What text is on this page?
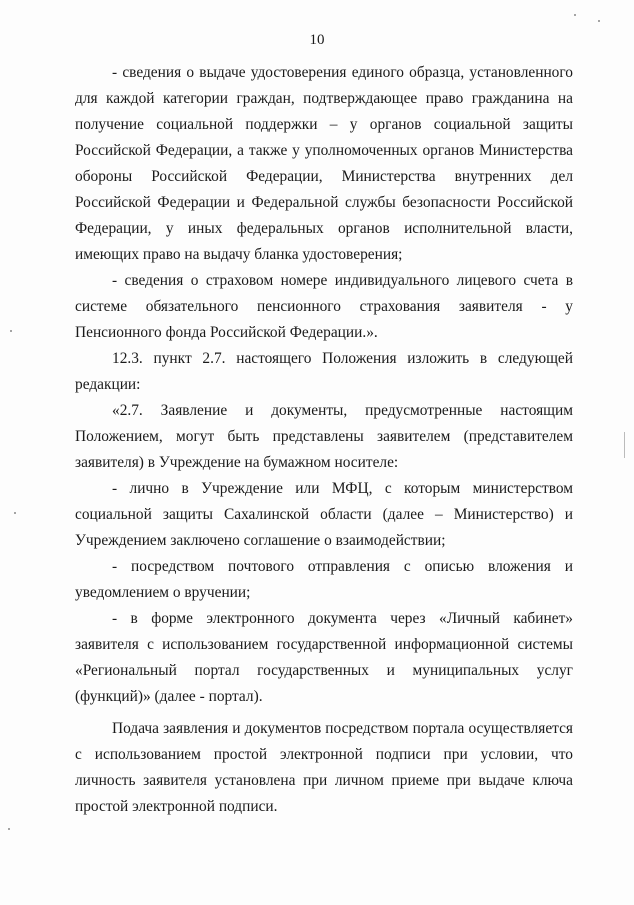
10

- сведения о выдаче удостоверения единого образца, установленного для каждой категории граждан, подтверждающее право гражданина на получение социальной поддержки – у органов социальной защиты Российской Федерации, а также у уполномоченных органов Министерства обороны Российской Федерации, Министерства внутренних дел Российской Федерации и Федеральной службы безопасности Российской Федерации, у иных федеральных органов исполнительной власти, имеющих право на выдачу бланка удостоверения;

- сведения о страховом номере индивидуального лицевого счета в системе обязательного пенсионного страхования заявителя - у Пенсионного фонда Российской Федерации.».

12.3. пункт 2.7. настоящего Положения изложить в следующей редакции:

«2.7. Заявление и документы, предусмотренные настоящим Положением, могут быть представлены заявителем (представителем заявителя) в Учреждение на бумажном носителе:

- лично в Учреждение или МФЦ, с которым министерством социальной защиты Сахалинской области (далее – Министерство) и Учреждением заключено соглашение о взаимодействии;

- посредством почтового отправления с описью вложения и уведомлением о вручении;

- в форме электронного документа через «Личный кабинет» заявителя с использованием государственной информационной системы «Региональный портал государственных и муниципальных услуг (функций)» (далее - портал).

Подача заявления и документов посредством портала осуществляется с использованием простой электронной подписи при условии, что личность заявителя установлена при личном приеме при выдаче ключа простой электронной подписи.
